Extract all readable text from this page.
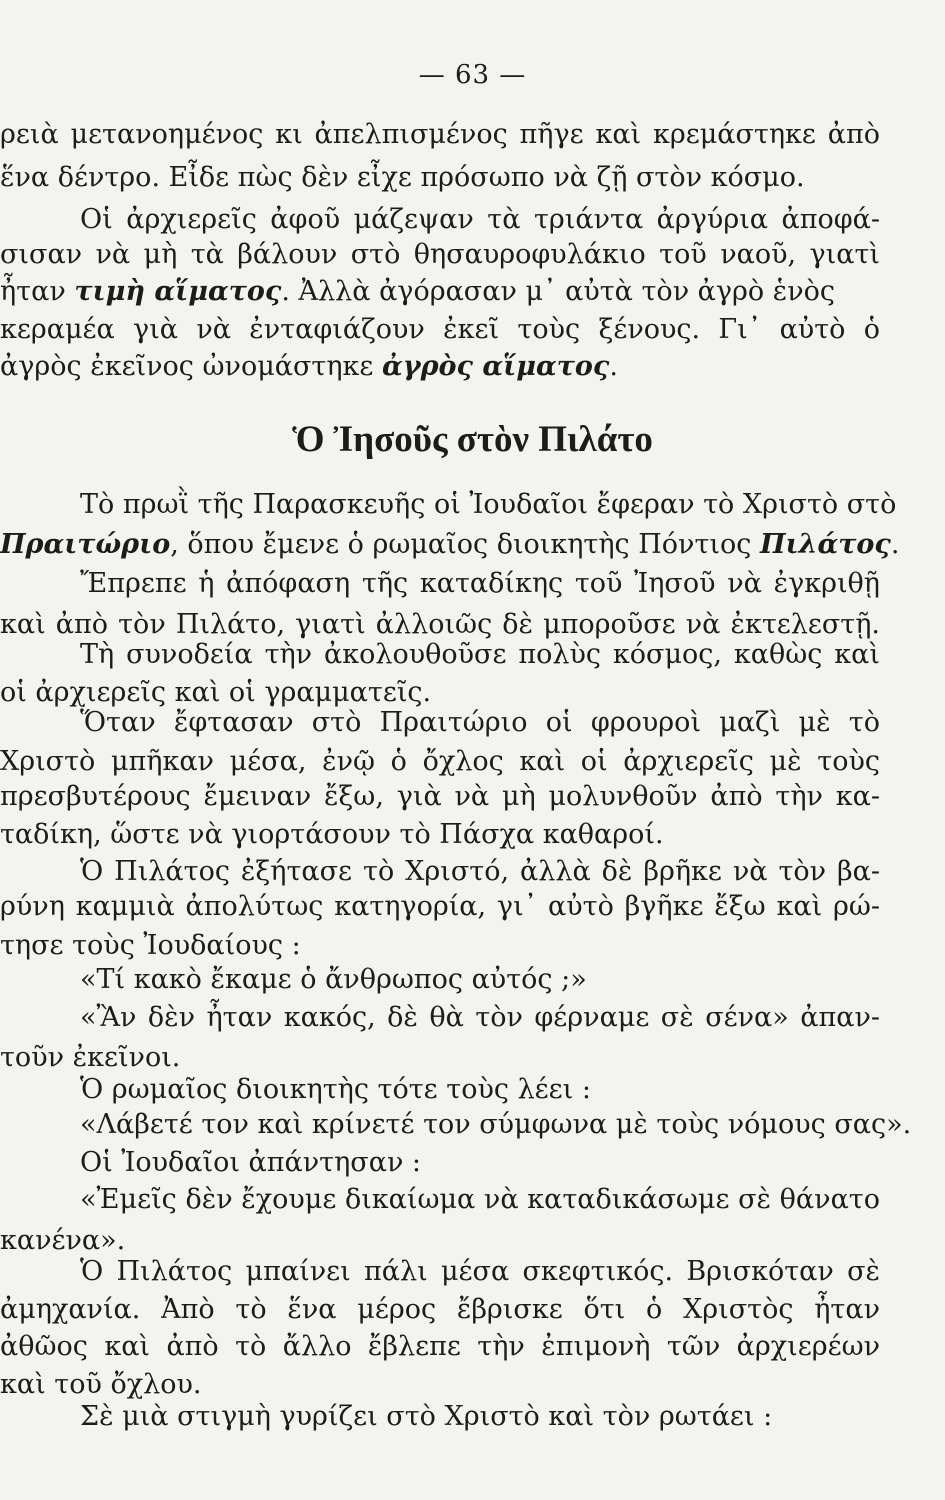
— 63 —
ρειὰ μετανοημένος κι ἀπελπισμένος πῆγε καὶ κρεμάστηκε ἀπὸ
ἕνα δέντρο. Εἶδε πὼς δὲν εἶχε πρόσωπο νὰ ζῇ στὸν κόσμο.
Οἱ ἀρχιερεῖς ἀφοῦ μάζεψαν τὰ τριάντα ἀργύρια ἀποφά-
σισαν νὰ μὴ τὰ βάλουν στὸ θησαυροφυλάκιο τοῦ ναοῦ, γιατὶ
ἦταν τιμὴ αἵματος. Ἀλλὰ ἀγόρασαν μ᾽ αὐτὰ τὸν ἀγρὸ ἑνὸς
κεραμέα γιὰ νὰ ἐνταφιάζουν ἐκεῖ τοὺς ξένους. Γι᾽ αὐτὸ ὁ
ἀγρὸς ἐκεῖνος ὠνομάστηκε ἀγρὸς αἵματος.
Ὁ Ἰησοῦς στὸν Πιλάτο
Τὸ πρωῒ τῆς Παρασκευῆς οἱ Ἰουδαῖοι ἔφεραν τὸ Χριστὸ στὸ
Πραιτώριο, ὅπου ἔμενε ὁ ρωμαῖος διοικητὴς Πόντιος Πιλάτος.
Ἔπρεπε ἡ ἀπόφαση τῆς καταδίκης τοῦ Ἰησοῦ νὰ ἐγκριθῇ
καὶ ἀπὸ τὸν Πιλάτο, γιατὶ ἀλλοιῶς δὲ μποροῦσε νὰ ἐκτελεστῇ.
Τὴ συνοδεία τὴν ἀκολουθοῦσε πολὺς κόσμος, καθὼς καὶ
οἱ ἀρχιερεῖς καὶ οἱ γραμματεῖς.
Ὅταν ἔφτασαν στὸ Πραιτώριο οἱ φρουροὶ μαζὶ μὲ τὸ
Χριστὸ μπῆκαν μέσα, ἐνῷ ὁ ὄχλος καὶ οἱ ἀρχιερεῖς μὲ τοὺς
πρεσβυτέρους ἔμειναν ἔξω, γιὰ νὰ μὴ μολυνθοῦν ἀπὸ τὴν κα-
ταδίκη, ὥστε νὰ γιορτάσουν τὸ Πάσχα καθαροί.
Ὁ Πιλάτος ἐξήτασε τὸ Χριστό, ἀλλὰ δὲ βρῆκε νὰ τὸν βα-
ρύνη καμμιὰ ἀπολύτως κατηγορία, γι᾽ αὐτὸ βγῆκε ἔξω καὶ ρώ-
τησε τοὺς Ἰουδαίους :
«Τί κακὸ ἔκαμε ὁ ἄνθρωπος αὐτός ;»
«Ἂν δὲν ἦταν κακός, δὲ θὰ τὸν φέρναμε σὲ σένα» ἀπαν-
τοῦν ἐκεῖνοι.
Ὁ ρωμαῖος διοικητὴς τότε τοὺς λέει :
«Λάβετέ τον καὶ κρίνετέ τον σύμφωνα μὲ τοὺς νόμους σας».
Οἱ Ἰουδαῖοι ἀπάντησαν :
«Ἐμεῖς δὲν ἔχουμε δικαίωμα νὰ καταδικάσωμε σὲ θάνατο
κανένα».
Ὁ Πιλάτος μπαίνει πάλι μέσα σκεφτικός. Βρισκόταν σὲ
ἀμηχανία. Ἀπὸ τὸ ἕνα μέρος ἔβρισκε ὅτι ὁ Χριστὸς ἦταν
ἀθῶος καὶ ἀπὸ τὸ ἄλλο ἔβλεπε τὴν ἐπιμονὴ τῶν ἀρχιερέων
καὶ τοῦ ὄχλου.
Σὲ μιὰ στιγμὴ γυρίζει στὸ Χριστὸ καὶ τὸν ρωτάει :
